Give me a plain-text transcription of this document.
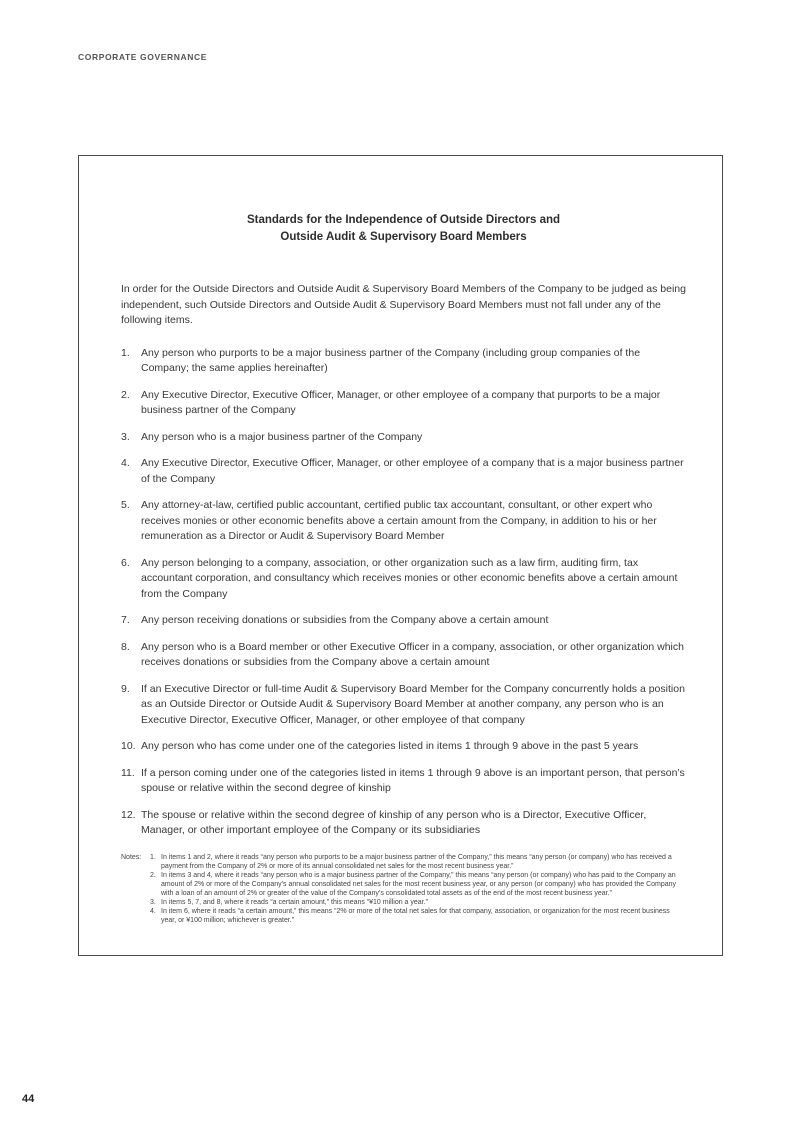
CORPORATE GOVERNANCE
Standards for the Independence of Outside Directors and
Outside Audit & Supervisory Board Members

In order for the Outside Directors and Outside Audit & Supervisory Board Members of the Company to be judged as being independent, such Outside Directors and Outside Audit & Supervisory Board Members must not fall under any of the following items.

1.	Any person who purports to be a major business partner of the Company (including group companies of the Company; the same applies hereinafter)
2.	Any Executive Director, Executive Officer, Manager, or other employee of a company that purports to be a major business partner of the Company
3.	Any person who is a major business partner of the Company
4.	Any Executive Director, Executive Officer, Manager, or other employee of a company that is a major business partner of the Company
5.	Any attorney-at-law, certified public accountant, certified public tax accountant, consultant, or other expert who receives monies or other economic benefits above a certain amount from the Company, in addition to his or her remuneration as a Director or Audit & Supervisory Board Member
6.	Any person belonging to a company, association, or other organization such as a law firm, auditing firm, tax accountant corporation, and consultancy which receives monies or other economic benefits above a certain amount from the Company
7.	Any person receiving donations or subsidies from the Company above a certain amount
8.	Any person who is a Board member or other Executive Officer in a company, association, or other organization which receives donations or subsidies from the Company above a certain amount
9.	If an Executive Director or full-time Audit & Supervisory Board Member for the Company concurrently holds a position as an Outside Director or Outside Audit & Supervisory Board Member at another company, any person who is an Executive Director, Executive Officer, Manager, or other employee of that company
10. Any person who has come under one of the categories listed in items 1 through 9 above in the past 5 years
11. If a person coming under one of the categories listed in items 1 through 9 above is an important person, that person’s spouse or relative within the second degree of kinship
12. The spouse or relative within the second degree of kinship of any person who is a Director, Executive Officer, Manager, or other important employee of the Company or its subsidiaries
Notes:	1. In items 1 and 2, where it reads “any person who purports to be a major business partner of the Company,” this means “any person (or company) who has received a payment from the Company of 2% or more of its annual consolidated net sales for the most recent business year.”
2. In items 3 and 4, where it reads “any person who is a major business partner of the Company,” this means “any person (or company) who has paid to the Company an amount of 2% or more of the Company’s annual consolidated net sales for the most recent business year, or any person (or company) who has provided the Company with a loan of an amount of 2% or greater of the value of the Company’s consolidated total assets as of the end of the most recent business year.”
3. In items 5, 7, and 8, where it reads “a certain amount,” this means “¥10 million a year.”
4. In item 6, where it reads “a certain amount,” this means “2% or more of the total net sales for that company, association, or organization for the most recent business year, or ¥100 million; whichever is greater.”
44
